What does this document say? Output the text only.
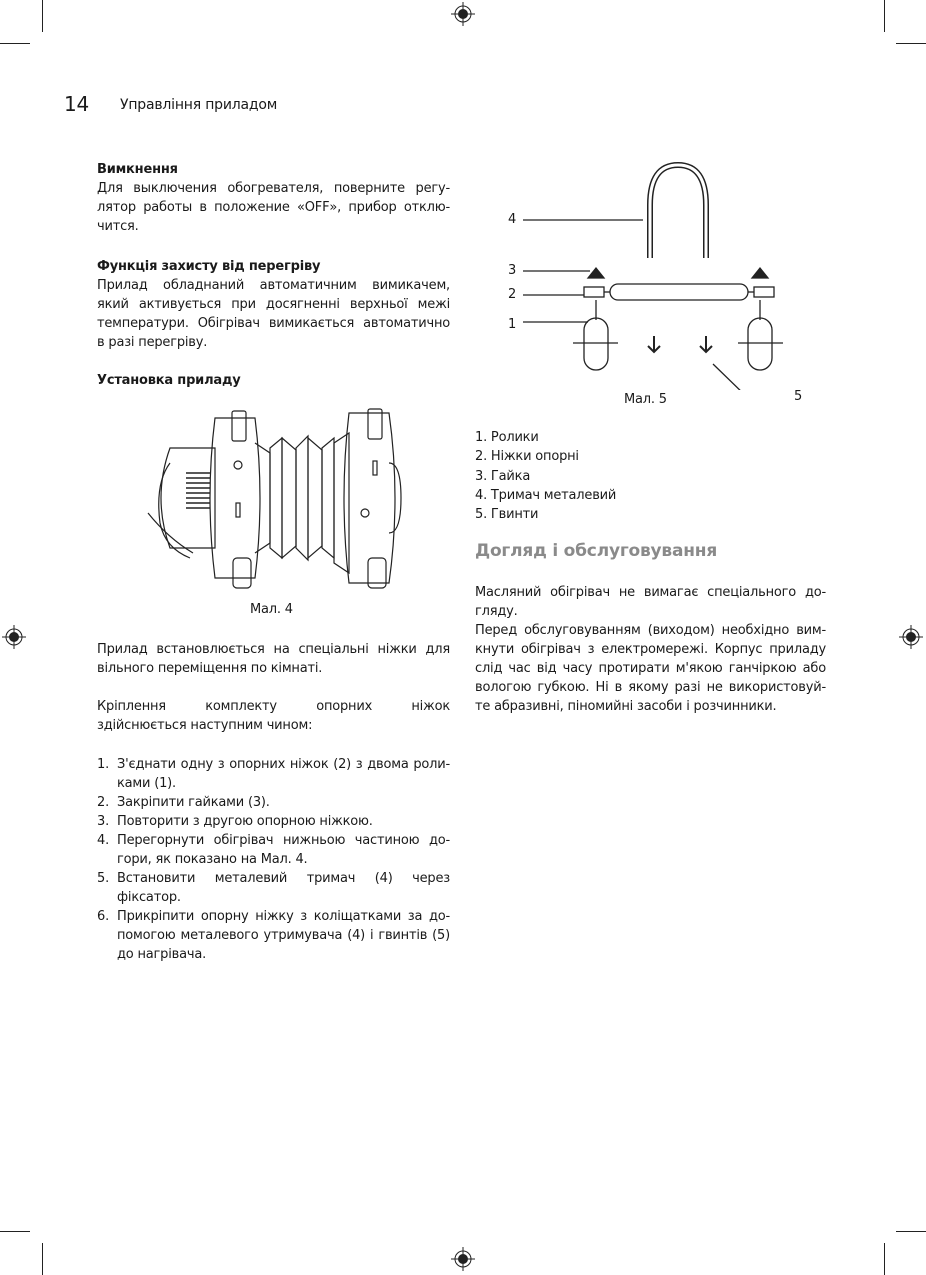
14 Управління приладом
Вимкнення
Для выключения обогревателя, поверните регу-
лятор работы в положение «OFF», прибор отклю-
чится.
Функція захисту від перегріву
Прилад обладнаний автоматичним вимикачем,
який активується при досягненні верхньої межі
температури. Обігрівач вимикається автоматично
в разі перегріву.
Установка приладу
Мал. 4
Прилад встановлюється на спеціальні ніжки для
вільного переміщення по кімнаті.
Кріплення комплекту опорних ніжок
здійснюється наступним чином:
1. З'єднати одну з опорних ніжок (2) з двома роли-
ками (1).
2. Закріпити гайками (3).
3. Повторити з другою опорною ніжкою.
4. Перегорнути обігрівач нижньою частиною до-
гори, як показано на Мал. 4.
5. Встановити металевий тримач (4) через
фіксатор.
6. Прикріпити опорну ніжку з коліщатками за до-
помогою металевого утримувача (4) і гвинтів (5)
до нагрівача.
1. Ролики
2. Ніжки опорні
3. Гайка
4. Тримач металевий
5. Гвинти
Догляд і обслуговування
Масляний обігрівач не вимагає спеціального до-
гляду.
Перед обслуговуванням (виходом) необхідно вим-
кнути обігрівач з електромережі. Корпус приладу
слід час від часу протирати м'якою ганчіркою або
вологою губкою. Ні в якому разі не використовуй-
те абразивні, піномийні засоби і розчинники.
4
3
2
1
5
Мал. 5
